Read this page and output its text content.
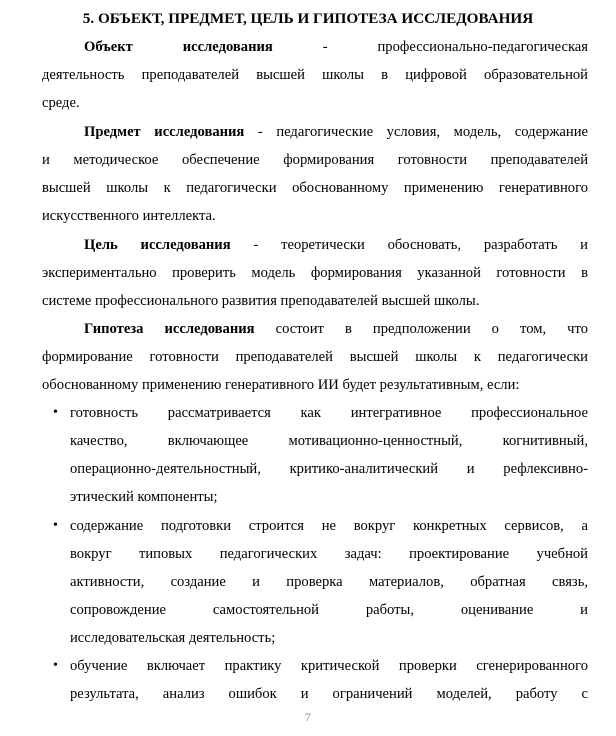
5. ОБЪЕКТ, ПРЕДМЕТ, ЦЕЛЬ И ГИПОТЕЗА ИССЛЕДОВАНИЯ
Объект исследования - профессионально-педагогическая
деятельность преподавателей высшей школы в цифровой образовательной
среде.
Предмет исследования - педагогические условия, модель, содержание
и методическое обеспечение формирования готовности преподавателей
высшей школы к педагогически обоснованному применению генеративного
искусственного интеллекта.
Цель исследования - теоретически обосновать, разработать и
экспериментально проверить модель формирования указанной готовности в
системе профессионального развития преподавателей высшей школы.
Гипотеза исследования состоит в предположении о том, что
формирование готовности преподавателей высшей школы к педагогически
обоснованному применению генеративного ИИ будет результативным, если:
• готовность рассматривается как интегративное профессиональное
качество, включающее мотивационно-ценностный, когнитивный,
операционно-деятельностный, критико-аналитический и рефлексивно-
этический компоненты;
• содержание подготовки строится не вокруг конкретных сервисов, а
вокруг типовых педагогических задач: проектирование учебной
активности, создание и проверка материалов, обратная связь,
сопровождение самостоятельной работы, оценивание и
исследовательская деятельность;
• обучение включает практику критической проверки сгенерированного
результата, анализ ошибок и ограничений моделей, работу с
7
